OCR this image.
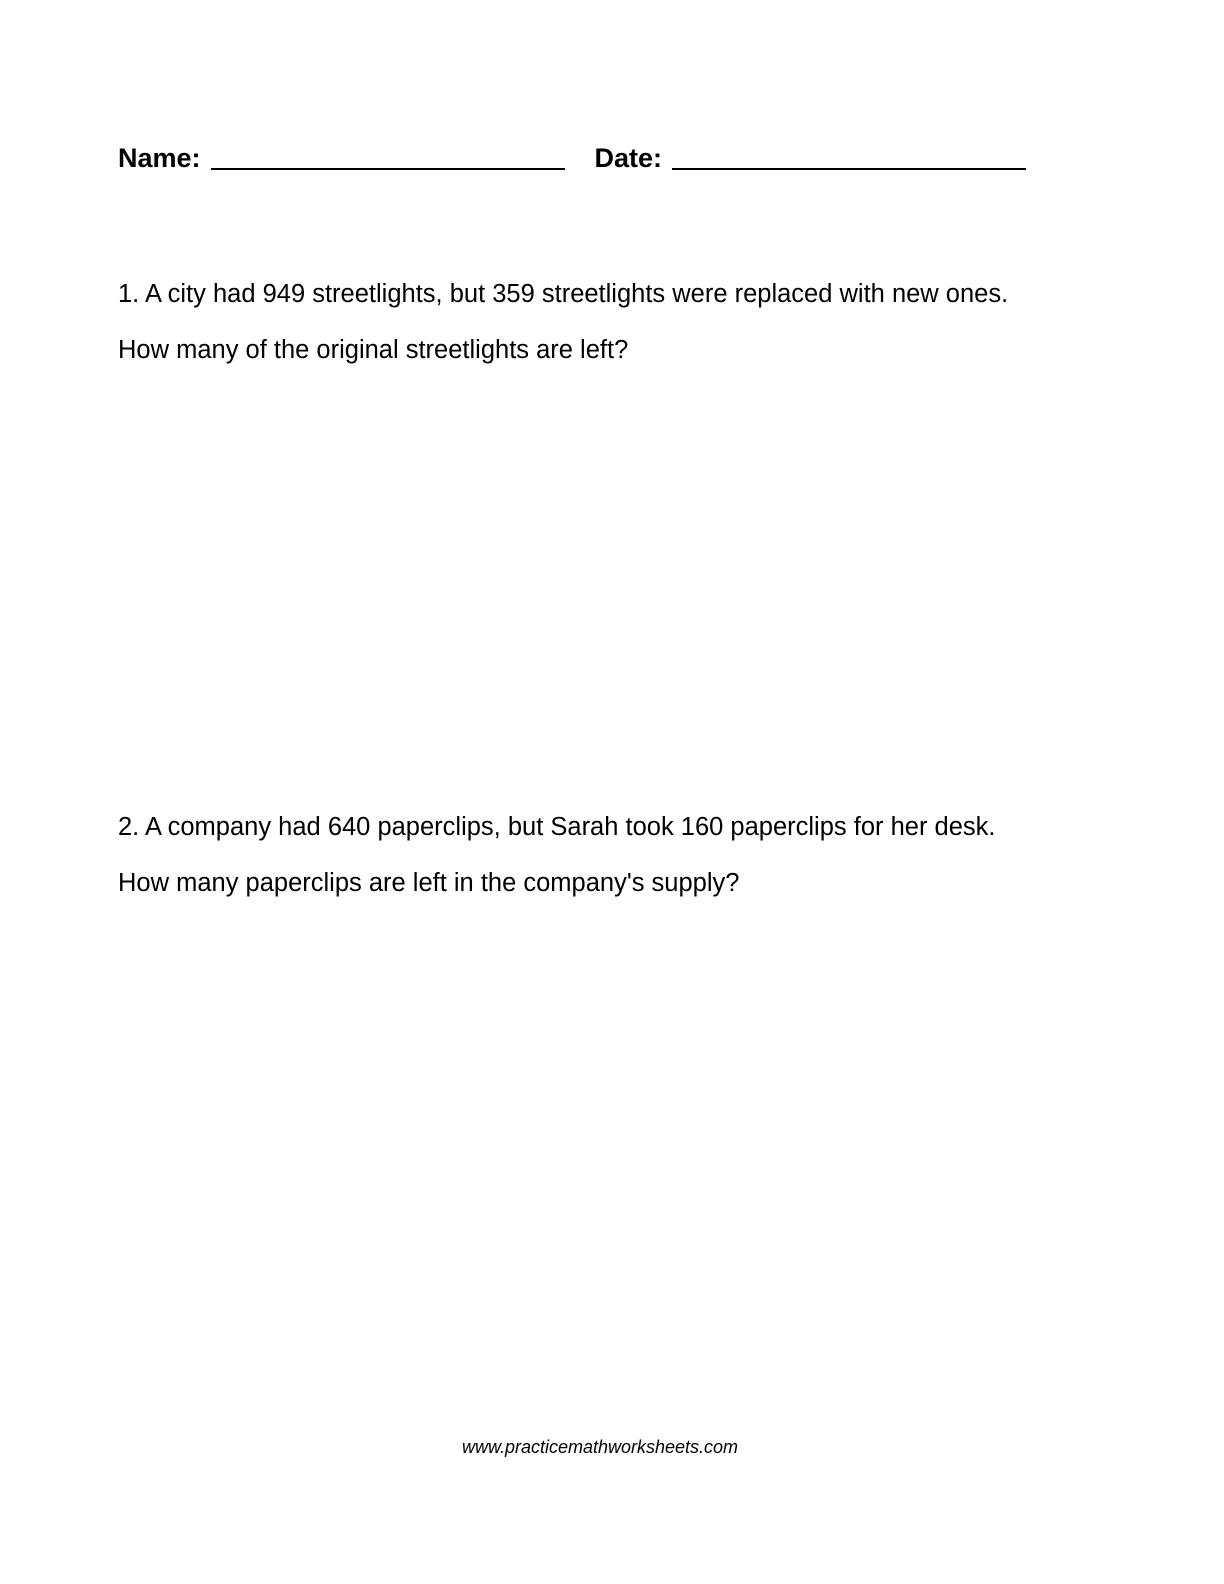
Name:	Date:

1. A city had 949 streetlights, but 359 streetlights were replaced with new ones.

How many of the original streetlights are left?

2. A company had 640 paperclips, but Sarah took 160 paperclips for her desk.

How many paperclips are left in the company's supply?

www.practicemathworksheets.com
